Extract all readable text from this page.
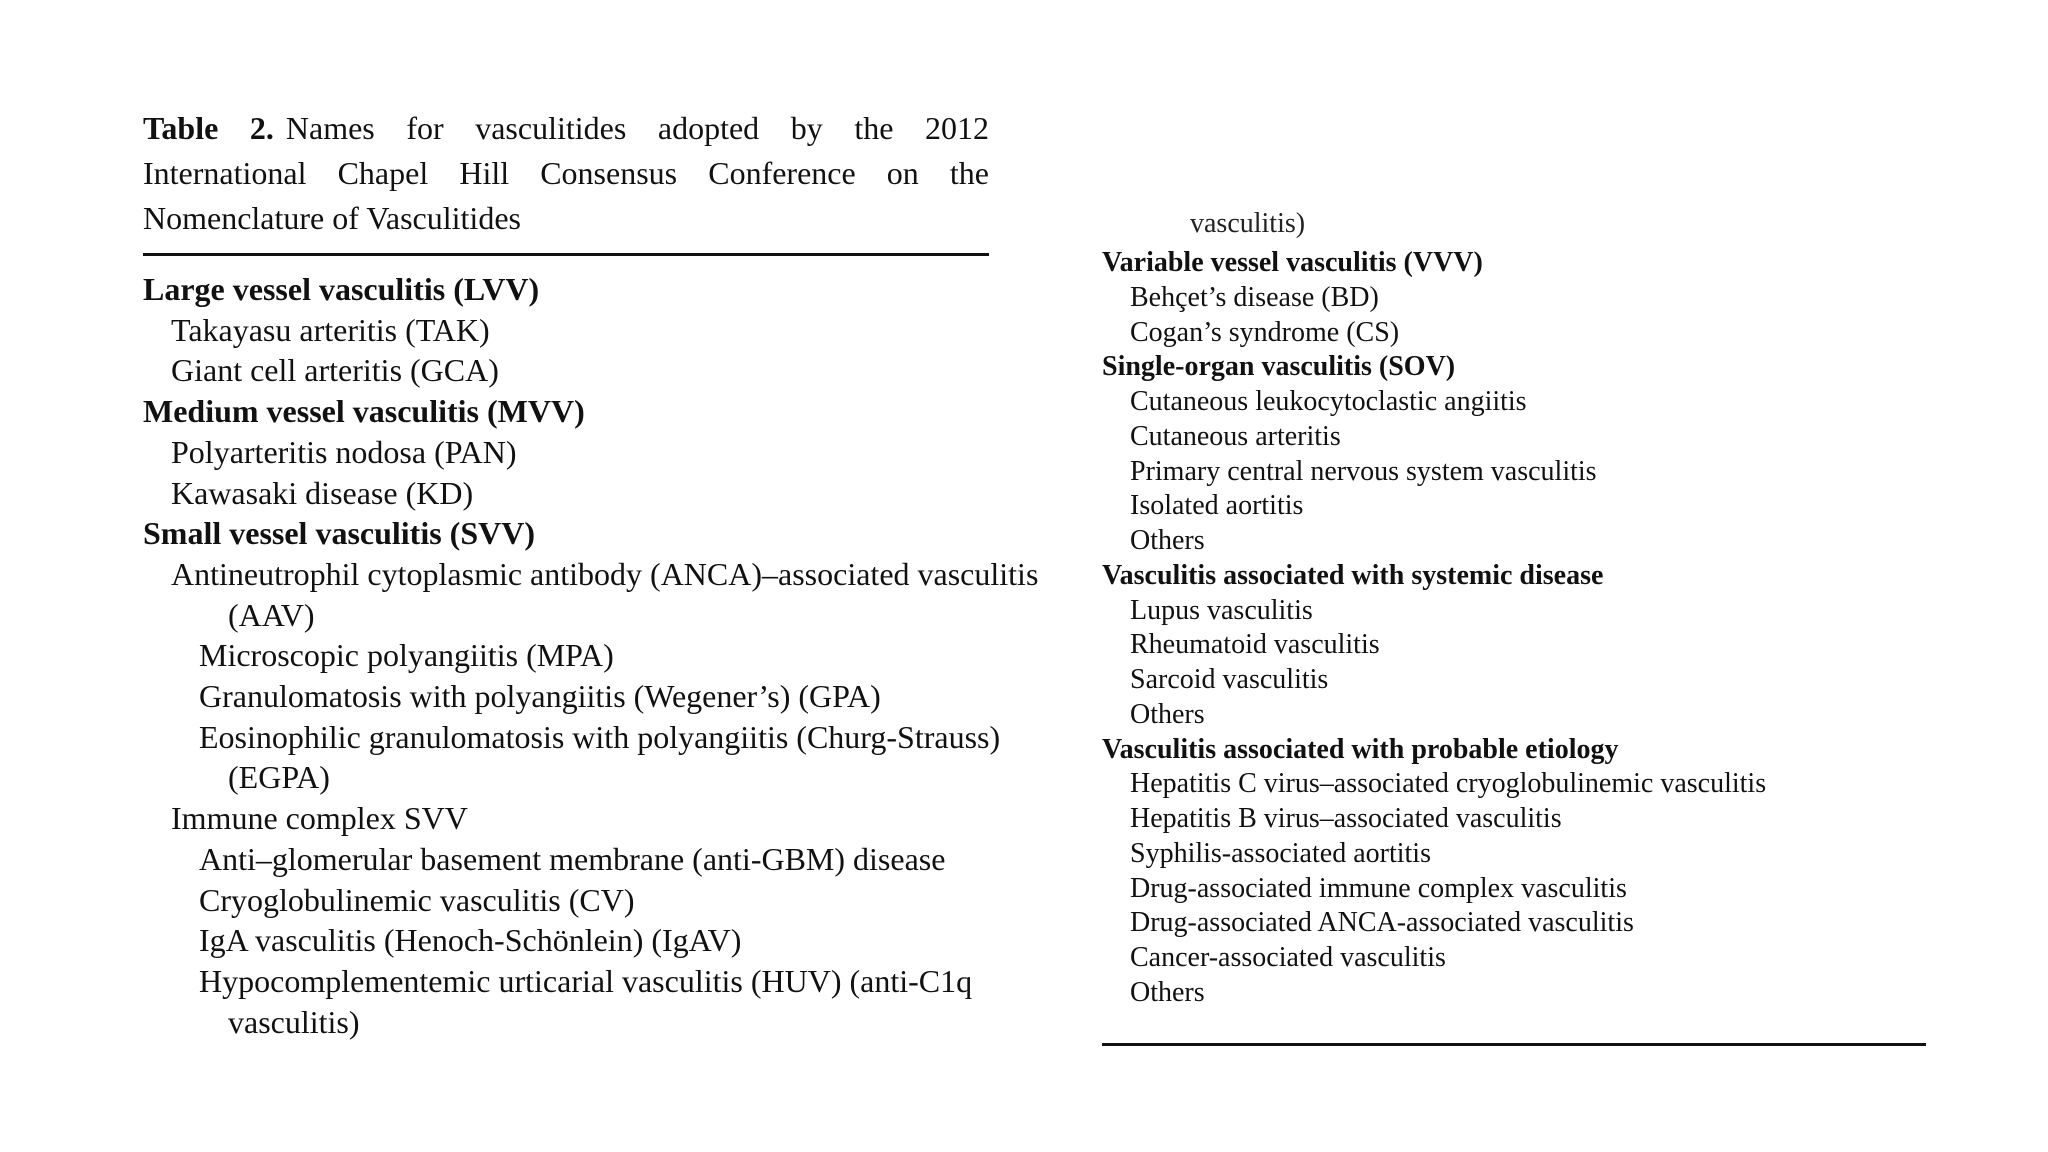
Table 2. Names for vasculitides adopted by the 2012 International Chapel Hill Consensus Conference on the Nomenclature of Vasculitides
Large vessel vasculitis (LVV)
Takayasu arteritis (TAK)
Giant cell arteritis (GCA)
Medium vessel vasculitis (MVV)
Polyarteritis nodosa (PAN)
Kawasaki disease (KD)
Small vessel vasculitis (SVV)
Antineutrophil cytoplasmic antibody (ANCA)–associated vasculitis
(AAV)
Microscopic polyangiitis (MPA)
Granulomatosis with polyangiitis (Wegener’s) (GPA)
Eosinophilic granulomatosis with polyangiitis (Churg-Strauss)
(EGPA)
Immune complex SVV
Anti–glomerular basement membrane (anti-GBM) disease
Cryoglobulinemic vasculitis (CV)
IgA vasculitis (Henoch-Schönlein) (IgAV)
Hypocomplementemic urticarial vasculitis (HUV) (anti-C1q
vasculitis)
vasculitis)
Variable vessel vasculitis (VVV)
Behçet’s disease (BD)
Cogan’s syndrome (CS)
Single-organ vasculitis (SOV)
Cutaneous leukocytoclastic angiitis
Cutaneous arteritis
Primary central nervous system vasculitis
Isolated aortitis
Others
Vasculitis associated with systemic disease
Lupus vasculitis
Rheumatoid vasculitis
Sarcoid vasculitis
Others
Vasculitis associated with probable etiology
Hepatitis C virus–associated cryoglobulinemic vasculitis
Hepatitis B virus–associated vasculitis
Syphilis-associated aortitis
Drug-associated immune complex vasculitis
Drug-associated ANCA-associated vasculitis
Cancer-associated vasculitis
Others
